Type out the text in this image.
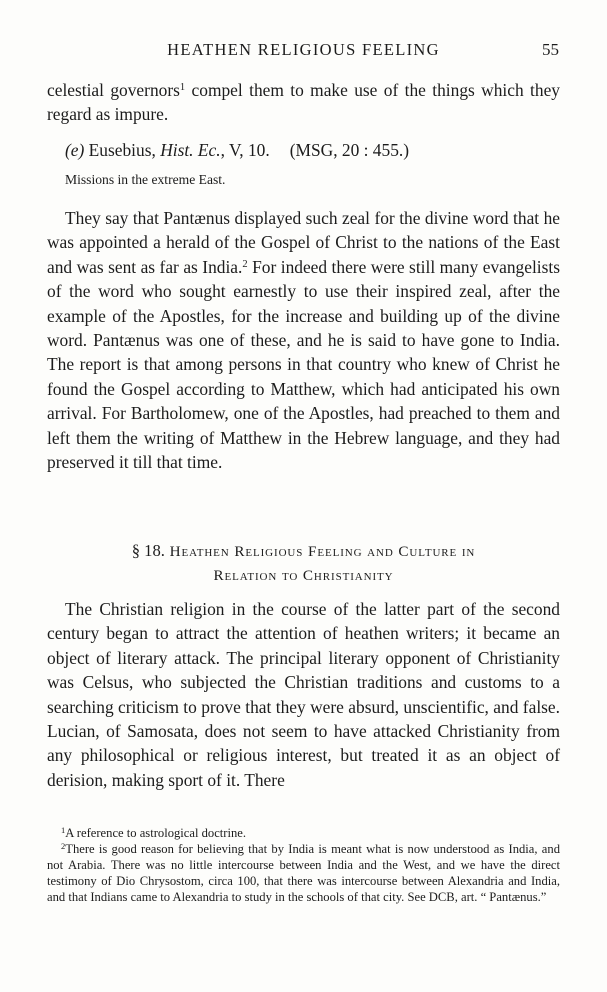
HEATHEN RELIGIOUS FEELING	55

celestial governors$^1$ compel them to make use of the things which they regard as impure.

(e) Eusebius, Hist. Ec., V, 10. (MSG, 20 : 455.)

Missions in the extreme East.

They say that Pantænus displayed such zeal for the divine word that he was appointed a herald of the Gospel of Christ to the nations of the East and was sent as far as India.$^2$ For indeed there were still many evangelists of the word who sought earnestly to use their inspired zeal, after the example of the Apostles, for the increase and building up of the divine word. Pantænus was one of these, and he is said to have gone to India. The report is that among persons in that country who knew of Christ he found the Gospel according to Matthew, which had anticipated his own arrival. For Bartholomew, one of the Apostles, had preached to them and left them the writing of Matthew in the Hebrew language, and they had preserved it till that time.

§ 18. Heathen Religious Feeling and Culture in

Relation to Christianity

The Christian religion in the course of the latter part of the second century began to attract the attention of heathen writers; it became an object of literary attack. The principal literary opponent of Christianity was Celsus, who subjected the Christian traditions and customs to a searching criticism to prove that they were absurd, unscientific, and false. Lucian, of Samosata, does not seem to have attacked Christianity from any philosophical or religious interest, but treated it as an object of derision, making sport of it. There

$^1$A reference to astrological doctrine.

$^2$There is good reason for believing that by India is meant what is now understood as India, and not Arabia. There was no little intercourse between India and the West, and we have the direct testimony of Dio Chrysostom, circa 100, that there was intercourse between Alexandria and India, and that Indians came to Alexandria to study in the schools of that city. See DCB, art. “ Pantænus.”
